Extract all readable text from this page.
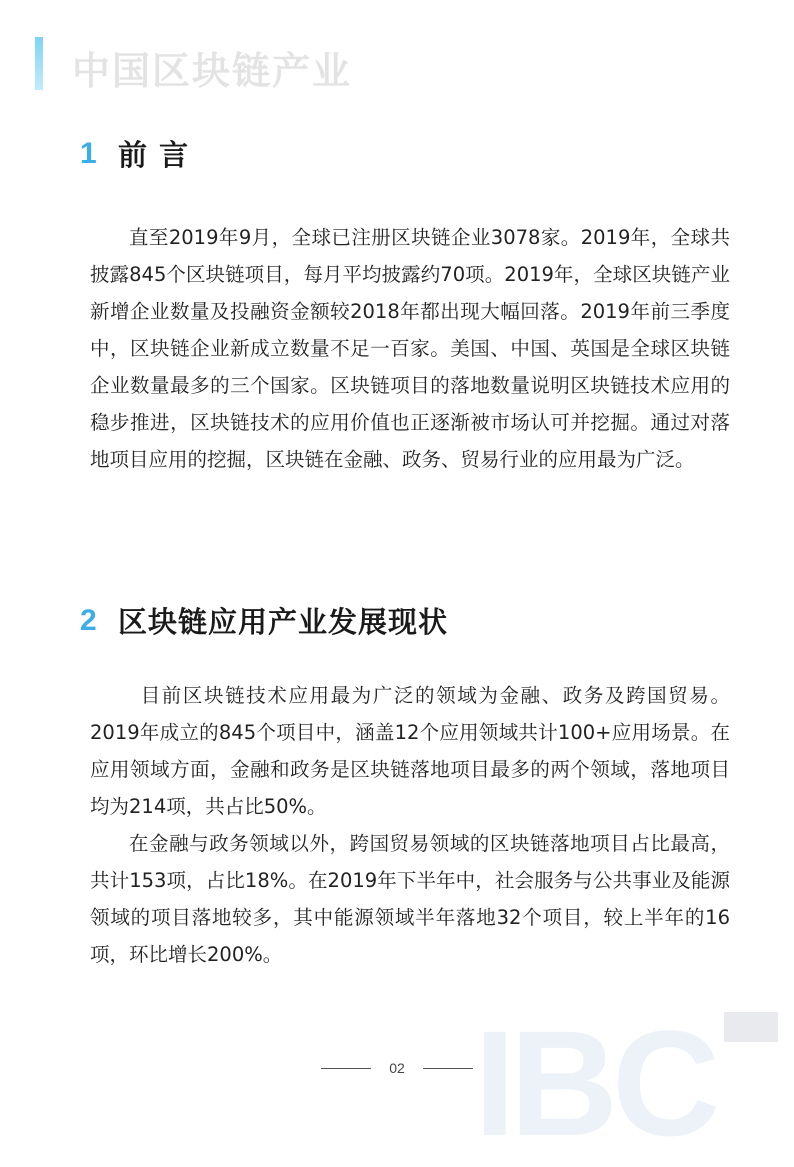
中国区块链产业
1 前 言

直至2019年9月，全球已注册区块链企业3078家。2019年，全球共披露845个区块链项目，每月平均披露约70项。2019年，全球区块链产业新增企业数量及投融资金额较2018年都出现大幅回落。2019年前三季度中，区块链企业新成立数量不足一百家。美国、中国、英国是全球区块链企业数量最多的三个国家。区块链项目的落地数量说明区块链技术应用的稳步推进，区块链技术的应用价值也正逐渐被市场认可并挖掘。通过对落地项目应用的挖掘，区块链在金融、政务、贸易行业的应用最为广泛。

2 区块链应用产业发展现状

目前区块链技术应用最为广泛的领域为金融、政务及跨国贸易。2019年成立的845个项目中，涵盖12个应用领域共计100+应用场景。在应用领域方面，金融和政务是区块链落地项目最多的两个领域，落地项目均为214项，共占比50%。

在金融与政务领域以外，跨国贸易领域的区块链落地项目占比最高，共计153项，占比18%。在2019年下半年中，社会服务与公共事业及能源领域的项目落地较多，其中能源领域半年落地32个项目，较上半年的16项，环比增长200%。

IBC
02
